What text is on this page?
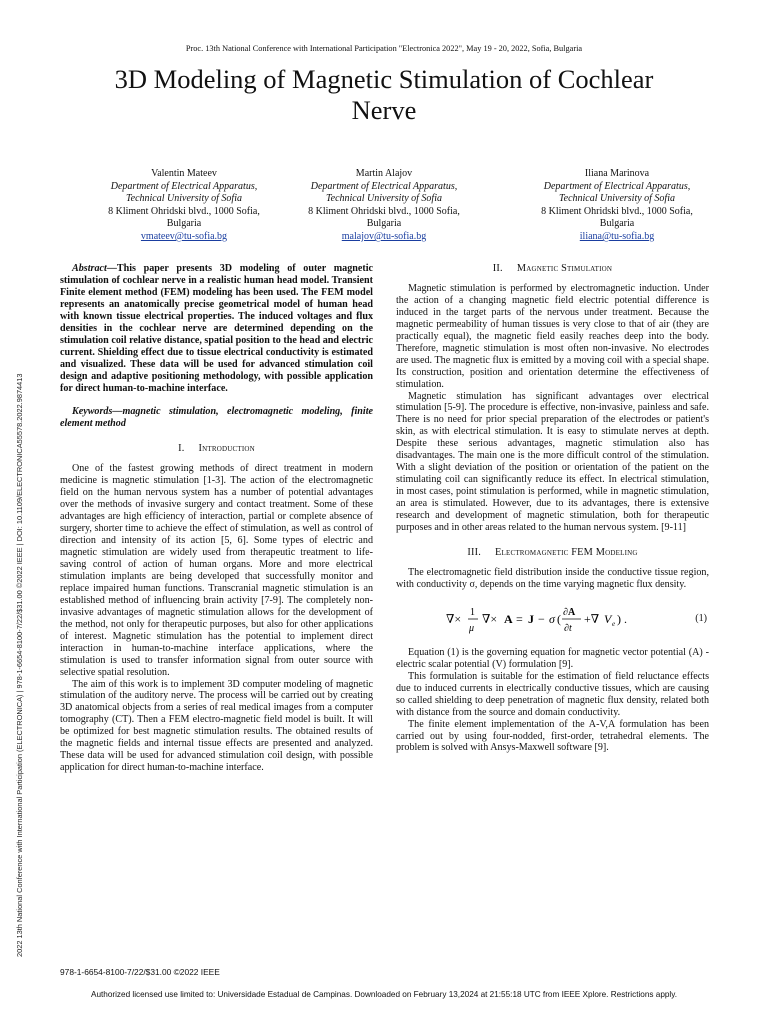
Proc. 13th National Conference with International Participation "Electronica 2022", May 19 - 20, 2022, Sofia, Bulgaria
3D Modeling of Magnetic Stimulation of Cochlear Nerve
Valentin Mateev
Department of Electrical Apparatus,
Technical University of Sofia
8 Kliment Ohridski blvd., 1000 Sofia,
Bulgaria
vmateev@tu-sofia.bg
Martin Alajov
Department of Electrical Apparatus,
Technical University of Sofia
8 Kliment Ohridski blvd., 1000 Sofia,
Bulgaria
malajov@tu-sofia.bg
Iliana Marinova
Department of Electrical Apparatus,
Technical University of Sofia
8 Kliment Ohridski blvd., 1000 Sofia,
Bulgaria
iliana@tu-sofia.bg
2022 13th National Conference with International Participation (ELECTRONICA) | 978-1-6654-8100-7/22/$31.00 ©2022 IEEE | DOI: 10.1109/ELECTRONICA55578.2022.9874413

Abstract—This paper presents 3D modeling of outer magnetic stimulation of cochlear nerve in a realistic human head model. Transient Finite element method (FEM) modeling has been used. The FEM model represents an anatomically precise geometrical model of human head with known tissue electrical properties. The induced voltages and flux densities in the cochlear nerve are determined depending on the stimulation coil relative distance, spatial position to the head and electric current. Shielding effect due to tissue electrical conductivity is estimated and visualized. These data will be used for advanced stimulation coil design and adaptive positioning methodology, with possible application for direct human-to-machine interface.

Keywords—magnetic stimulation, electromagnetic modeling, finite element method

I. Introduction

One of the fastest growing methods of direct treatment in modern medicine is magnetic stimulation [1-3]. The action of the electromagnetic field on the human nervous system has a number of potential advantages over the methods of invasive surgery and contact treatment. Some of these advantages are high efficiency of interaction, partial or complete absence of surgery, shorter time to achieve the effect of stimulation, as well as control of direction and intensity of its action [5, 6]. Some types of electric and magnetic stimulation are widely used from therapeutic treatment to life-saving control of action of human organs. More and more electrical stimulation implants are being developed that successfully monitor and replace impaired human functions. Transcranial magnetic stimulation is an established method of influencing brain activity [7-9]. The completely non-invasive advantages of magnetic stimulation allows for the development of the method, not only for therapeutic purposes, but also for other applications of interest. Magnetic stimulation has the potential to implement direct interaction in human-to-machine interface applications, where the stimulation is used to transfer information signal from outer source with selective spatial resolution.

The aim of this work is to implement 3D computer modeling of magnetic stimulation of the auditory nerve. The process will be carried out by creating 3D anatomical objects from a series of real medical images from a computer tomography (CT). Then a FEM electro-magnetic field model is built. It will be optimized for best magnetic stimulation results. The obtained results of the magnetic fields and internal tissue effects are presented and analyzed. These data will be used for advanced stimulation coil design, with possible application for direct human-to-machine interface.

II. Magnetic Stimulation

Magnetic stimulation is performed by electromagnetic induction. Under the action of a changing magnetic field electric potential difference is induced in the target parts of the nervous under treatment. Because the magnetic permeability of human tissues is very close to that of air (they are practically equal), the magnetic field easily reaches deep into the body. Therefore, magnetic stimulation is most often non-invasive. No electrodes are used. The magnetic flux is emitted by a moving coil with a special shape. Its construction, position and orientation determine the effectiveness of stimulation.

Magnetic stimulation has significant advantages over electrical stimulation [5-9]. The procedure is effective, non-invasive, painless and safe. There is no need for prior special preparation of the electrodes or patient's skin, as with electrical stimulation. It is easy to stimulate nerves at depth. Despite these serious advantages, magnetic stimulation also has disadvantages. The main one is the more difficult control of the stimulation. With a slight deviation of the position or orientation of the patient on the stimulating coil can significantly reduce its effect. In electrical stimulation, in most cases, point stimulation is performed, while in magnetic stimulation, an area is stimulated. However, due to its advantages, there is extensive research and development of magnetic stimulation, both for therapeutic purposes and in other areas related to the human nervous system. [9-11]

III. Electromagnetic FEM Modeling

The electromagnetic field distribution inside the conductive tissue region, with conductivity σ, depends on the time varying magnetic flux density.

∇× 1
μ
∇× A = J − σ ( ∂A
∂t
+∇ V e ) .	(1)

Equation (1) is the governing equation for magnetic vector potential (A) - electric scalar potential (V) formulation [9].

This formulation is suitable for the estimation of field reluctance effects due to induced currents in electrically conductive tissues, which are causing so called shielding to deep penetration of magnetic flux density, related both with distance from the source and domain conductivity.

The finite element implementation of the A-V,A formulation has been carried out by using four-nodded, first-order, tetrahedral elements. The problem is solved with Ansys-Maxwell software [9].

978-1-6654-8100-7/22/$31.00 ©2022 IEEE
Authorized licensed use limited to: Universidade Estadual de Campinas. Downloaded on February 13,2024 at 21:55:18 UTC from IEEE Xplore. Restrictions apply.
